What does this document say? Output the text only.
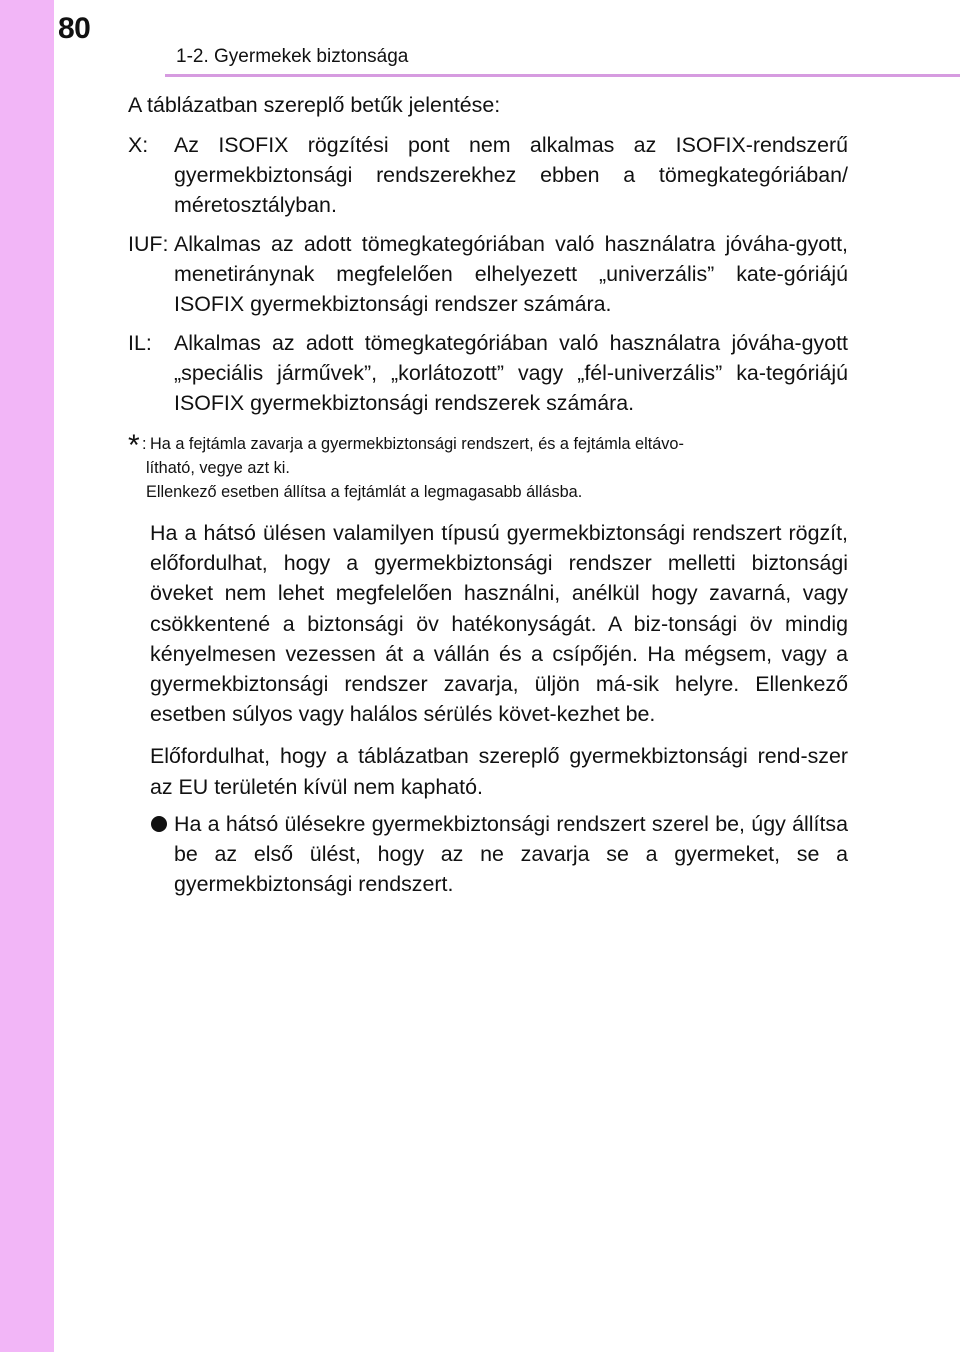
80
1-2. Gyermekek biztonsága

A táblázatban szereplő betűk jelentése:

X:	Az ISOFIX rögzítési pont nem alkalmas az ISOFIX-rendszerű gyermekbiztonsági rendszerekhez ebben a tömegkategóriában/ méretosztályban.
IUF: Alkalmas az adott tömegkategóriában való használatra jóváha-gyott, menetiránynak megfelelően elhelyezett „univerzális” kate-góriájú ISOFIX gyermekbiztonsági rendszer számára.
IL:	Alkalmas az adott tömegkategóriában való használatra jóváha-gyott „speciális járművek”, „korlátozott” vagy „fél-univerzális” ka-tegóriájú ISOFIX gyermekbiztonsági rendszerek számára.
* : Ha a fejtámla zavarja a gyermekbiztonsági rendszert, és a fejtámla eltávo-
lítható, vegye azt ki.
Ellenkező esetben állítsa a fejtámlát a legmagasabb állásba.

Ha a hátsó ülésen valamilyen típusú gyermekbiztonsági rendszert rögzít, előfordulhat, hogy a gyermekbiztonsági rendszer melletti biztonsági öveket nem lehet megfelelően használni, anélkül hogy zavarná, vagy csökkentené a biztonsági öv hatékonyságát. A biz-tonsági öv mindig kényelmesen vezessen át a vállán és a csípőjén. Ha mégsem, vagy a gyermekbiztonsági rendszer zavarja, üljön má-sik helyre. Ellenkező esetben súlyos vagy halálos sérülés követ-kezhet be.

Előfordulhat, hogy a táblázatban szereplő gyermekbiztonsági rend-szer az EU területén kívül nem kapható.

Ha a hátsó ülésekre gyermekbiztonsági rendszert szerel be, úgy állítsa be az első ülést, hogy az ne zavarja se a gyermeket, se a gyermekbiztonsági rendszert.
